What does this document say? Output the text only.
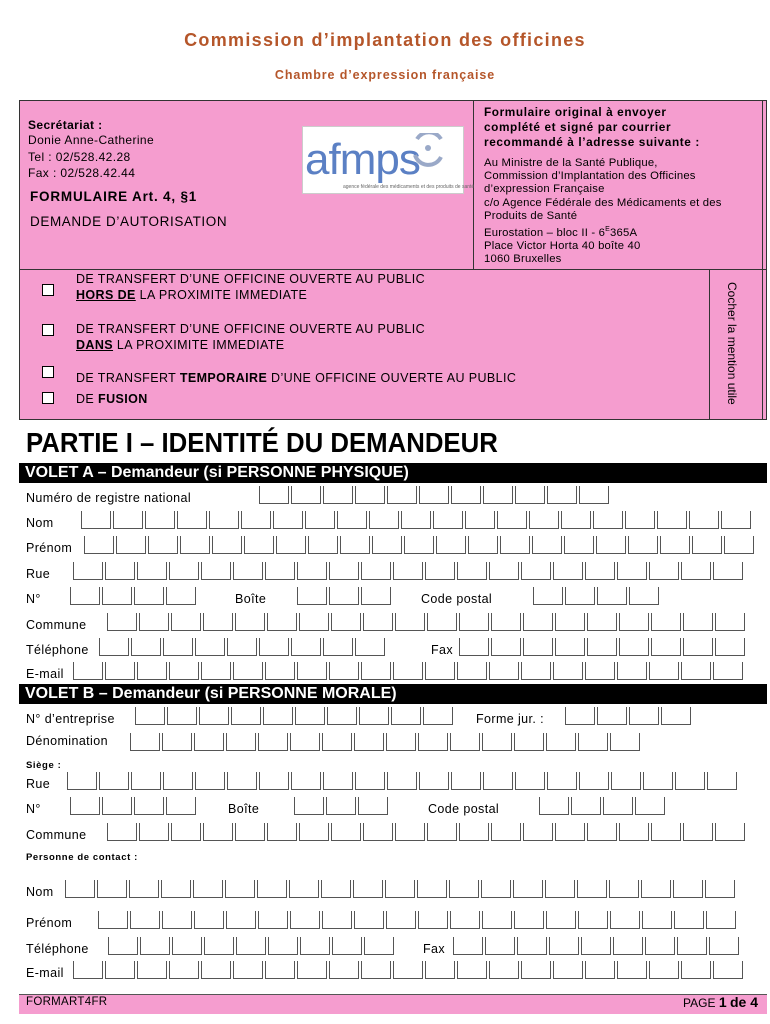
Commission d’implantation des officines
Chambre d’expression française
Secrétariat :
Donie Anne-Catherine
Tel : 02/528.42.28
Fax : 02/528.42.44	afmps
agence fédérale des médicaments et des produits de santé
FORMULAIRE Art. 4, §1
DEMANDE D’AUTORISATION
Formulaire original à envoyer
complété et signé par courrier
recommandé à l’adresse suivante :
Au Ministre de la Santé Publique,
Commission d’Implantation des Officines
d’expression Française
c/o Agence Fédérale des Médicaments et des
Produits de Santé
Eurostation – bloc II - $6^E365A$
Place Victor Horta 40 boîte 40
1060 Bruxelles
DE TRANSFERT D’UNE OFFICINE OUVERTE AU PUBLIC
HORS DE LA PROXIMITE IMMEDIATE
DE TRANSFERT D’UNE OFFICINE OUVERTE AU PUBLIC
DANS LA PROXIMITE IMMEDIATE
DE TRANSFERT TEMPORAIRE D’UNE OFFICINE OUVERTE AU PUBLIC
DE FUSION	Cocher la mention utile
PARTIE I – IDENTITÉ DU DEMANDEUR
VOLET A – Demandeur (si PERSONNE PHYSIQUE)
Numéro de registre national
Nom
Prénom
Rue
N°	Boîte	Code postal
Commune
Téléphone	Fax
E-mail
VOLET B – Demandeur (si PERSONNE MORALE)
N° d’entreprise	Forme jur. :
Dénomination
Siège :
Rue
N°	Boîte	Code postal
Commune
Personne de contact :
Nom
Prénom
Téléphone	Fax
E-mail
FORMART4FR	PAGE 1 de 4
